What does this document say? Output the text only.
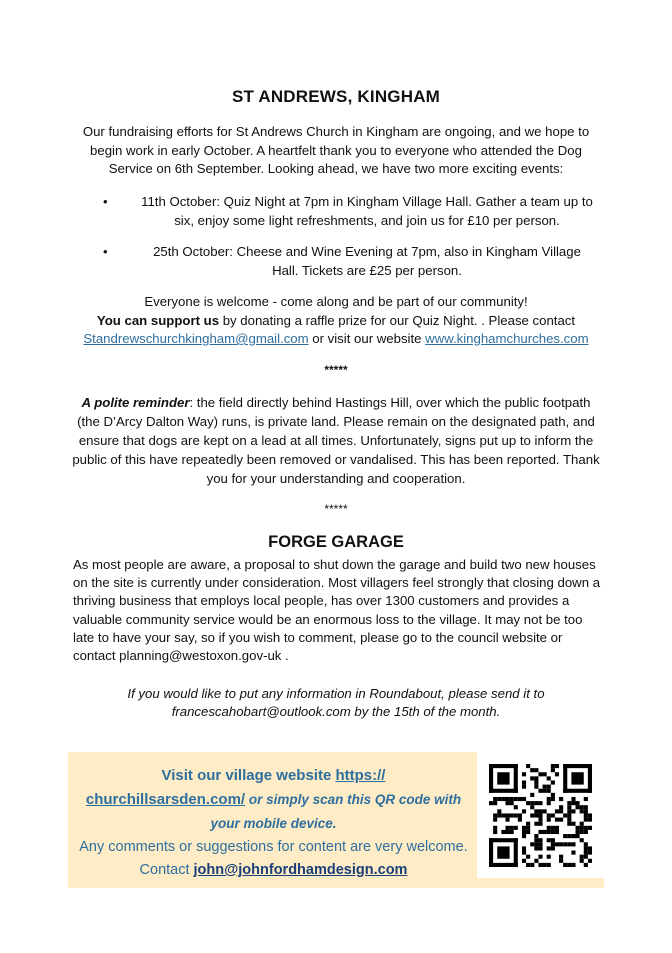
ST ANDREWS, KINGHAM
Our fundraising efforts for St Andrews Church in Kingham are ongoing, and we hope to begin work in early October. A heartfelt thank you to everyone who attended the Dog Service on 6th September. Looking ahead, we have two more exciting events:
•	11th October: Quiz Night at 7pm in Kingham Village Hall. Gather a team up to six, enjoy some light refreshments, and join us for £10 per person.
•	25th October: Cheese and Wine Evening at 7pm, also in Kingham Village Hall. Tickets are £25 per person.
Everyone is welcome - come along and be part of our community!
You can support us by donating a raffle prize for our Quiz Night. . Please contact
Standrewschurchkingham@gmail.com or visit our website www.kinghamchurches.com
*****
A polite reminder: the field directly behind Hastings Hill, over which the public footpath (the D’Arcy Dalton Way) runs, is private land. Please remain on the designated path, and ensure that dogs are kept on a lead at all times. Unfortunately, signs put up to inform the public of this have repeatedly been removed or vandalised. This has been reported. Thank you for your understanding and cooperation.
*****
FORGE GARAGE
As most people are aware, a proposal to shut down the garage and build two new houses on the site is currently under consideration. Most villagers feel strongly that closing down a thriving business that employs local people, has over 1300 customers and provides a valuable community service would be an enormous loss to the village. It may not be too late to have your say, so if you wish to comment, please go to the council website or contact planning@westoxon.gov-uk .
If you would like to put any information in Roundabout, please send it to francescahobart@outlook.com by the 15th of the month.
Visit our village website https://
churchillsarsden.com/ or simply scan this QR code with your mobile device.
Any comments or suggestions for content are very welcome. Contact john@johnfordhamdesign.com
